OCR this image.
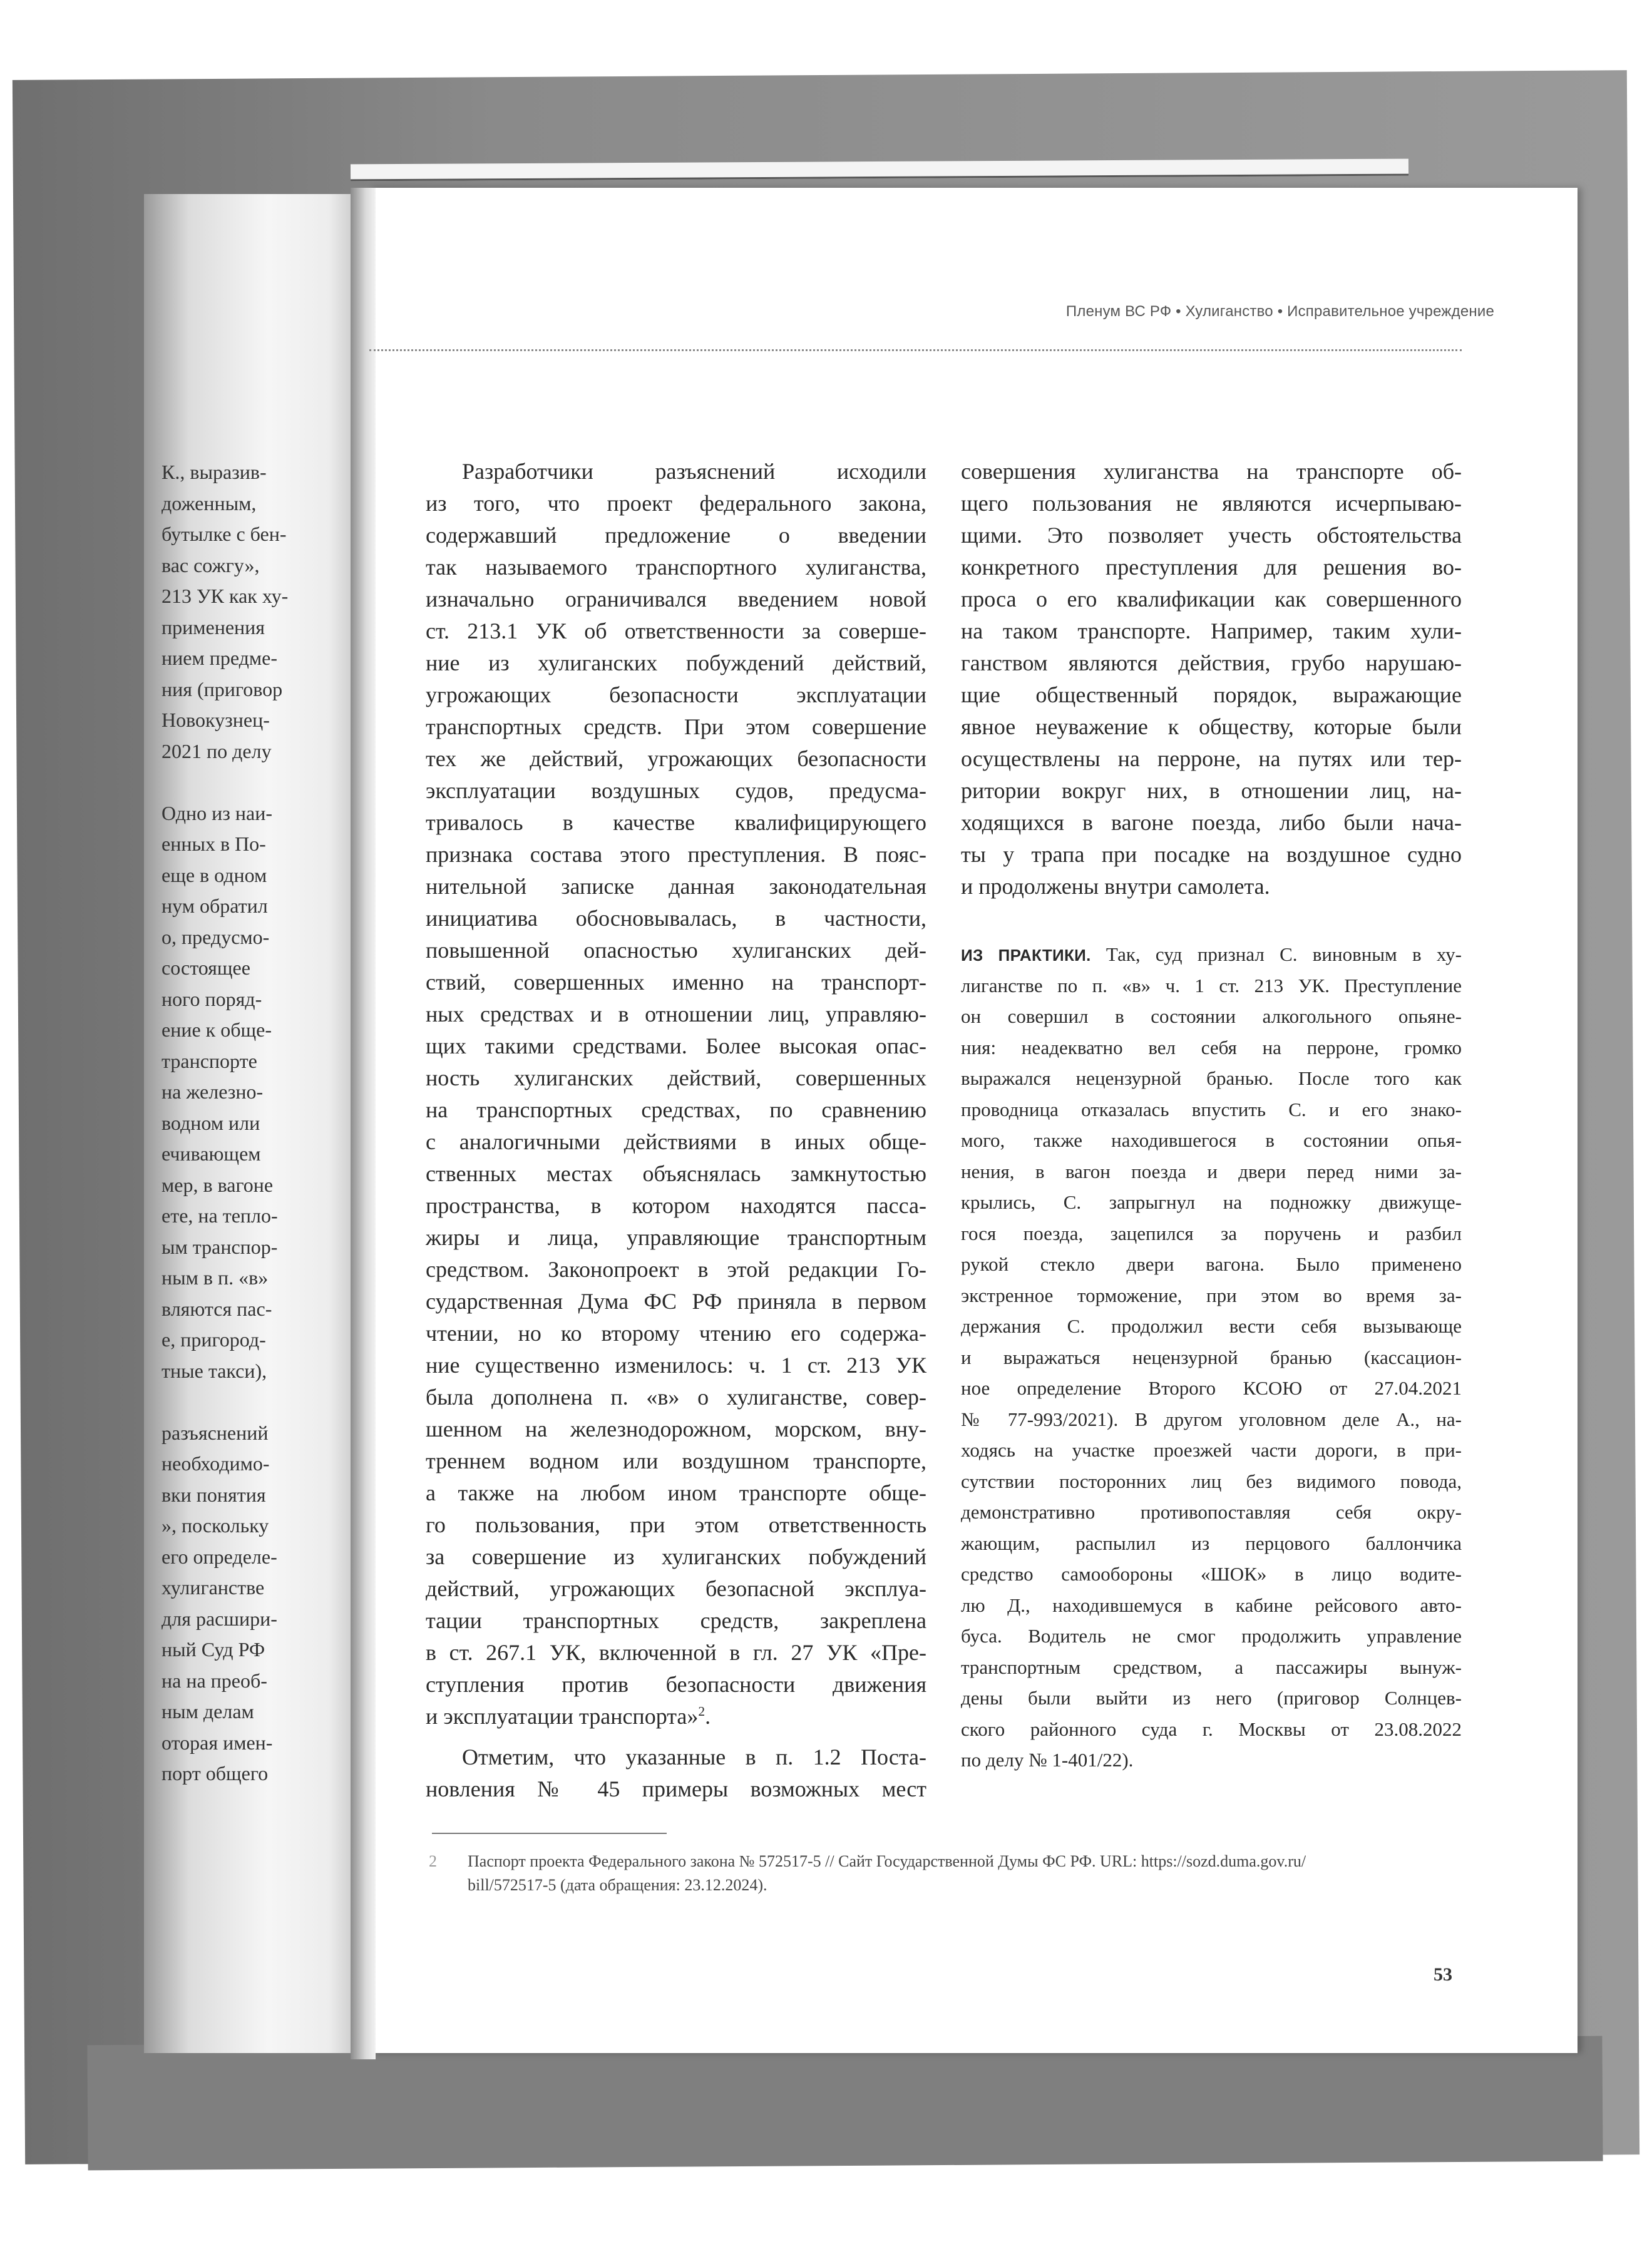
К., выразив-
доженным,
бутылке с бен-
вас сожгу»,
213 УК как ху-
применения
нием предме-
ния (приговор
Новокузнец-
2021 по делу
Одно из наи-
енных в По-
еще в одном
нум обратил
о, предусмо-
состоящее
ного поряд-
ение к обще-
транспорте
на железно-
водном или
ечивающем
мер, в вагоне
ете, на тепло-
ым транспор-
ным в п. «в»
вляются пас-
е, пригород-
тные такси),
разъяснений
необходимо-
вки понятия
», поскольку
его определе-
хулиганстве
для расшири-
ный Суд РФ
на на преоб-
ным делам
оторая имен-
порт общего
Пленум ВС РФ • Хулиганство • Исправительное учреждение
Разработчики разъяснений исходили
из того, что проект федерального закона,
содержавший предложение о введении
так называемого транспортного хулиганства,
изначально ограничивался введением новой
ст. 213.1 УК об ответственности за соверше-
ние из хулиганских побуждений действий,
угрожающих безопасности эксплуатации
транспортных средств. При этом совершение
тех же действий, угрожающих безопасности
эксплуатации воздушных судов, предусма-
тривалось в качестве квалифицирующего
признака состава этого преступления. В пояс-
нительной записке данная законодательная
инициатива обосновывалась, в частности,
повышенной опасностью хулиганских дей-
ствий, совершенных именно на транспорт-
ных средствах и в отношении лиц, управляю-
щих такими средствами. Более высокая опас-
ность хулиганских действий, совершенных
на транспортных средствах, по сравнению
с аналогичными действиями в иных обще-
ственных местах объяснялась замкнутостью
пространства, в котором находятся пасса-
жиры и лица, управляющие транспортным
средством. Законопроект в этой редакции Го-
сударственная Дума ФС РФ приняла в первом
чтении, но ко второму чтению его содержа-
ние существенно изменилось: ч. 1 ст. 213 УК
была дополнена п. «в» о хулиганстве, совер-
шенном на железнодорожном, морском, вну-
треннем водном или воздушном транспорте,
а также на любом ином транспорте обще-
го пользования, при этом ответственность
за совершение из хулиганских побуждений
действий, угрожающих безопасной эксплуа-
тации транспортных средств, закреплена
в ст. 267.1 УК, включенной в гл. 27 УК «Пре-
ступления против безопасности движения
и эксплуатации транспорта»$^2$.
Отметим, что указанные в п. 1.2 Поста-
новления № 45 примеры возможных мест
совершения хулиганства на транспорте об-
щего пользования не являются исчерпываю-
щими. Это позволяет учесть обстоятельства
конкретного преступления для решения во-
проса о его квалификации как совершенного
на таком транспорте. Например, таким хули-
ганством являются действия, грубо нарушаю-
щие общественный порядок, выражающие
явное неуважение к обществу, которые были
осуществлены на перроне, на путях или тер-
ритории вокруг них, в отношении лиц, на-
ходящихся в вагоне поезда, либо были нача-
ты у трапа при посадке на воздушное судно
и продолжены внутри самолета.
ИЗ ПРАКТИКИ. Так, суд признал С. виновным в ху-
лиганстве по п. «в» ч. 1 ст. 213 УК. Преступление
он совершил в состоянии алкогольного опьяне-
ния: неадекватно вел себя на перроне, громко
выражался нецензурной бранью. После того как
проводница отказалась впустить С. и его знако-
мого, также находившегося в состоянии опья-
нения, в вагон поезда и двери перед ними за-
крылись, С. запрыгнул на подножку движуще-
гося поезда, зацепился за поручень и разбил
рукой стекло двери вагона. Было применено
экстренное торможение, при этом во время за-
держания С. продолжил вести себя вызывающе
и выражаться нецензурной бранью (кассацион-
ное определение Второго КСОЮ от 27.04.2021
№ 77-993/2021). В другом уголовном деле А., на-
ходясь на участке проезжей части дороги, в при-
сутствии посторонних лиц без видимого повода,
демонстративно противопоставляя себя окру-
жающим, распылил из перцового баллончика
средство самообороны «ШОК» в лицо водите-
лю Д., находившемуся в кабине рейсового авто-
буса. Водитель не смог продолжить управление
транспортным средством, а пассажиры вынуж-
дены были выйти из него (приговор Солнцев-
ского районного суда г. Москвы от 23.08.2022
по делу № 1-401/22).
2 Паспорт проекта Федерального закона № 572517-5 // Сайт Государственной Думы ФС РФ. URL: https://sozd.duma.gov.ru/
bill/572517-5 (дата обращения: 23.12.2024).
53
